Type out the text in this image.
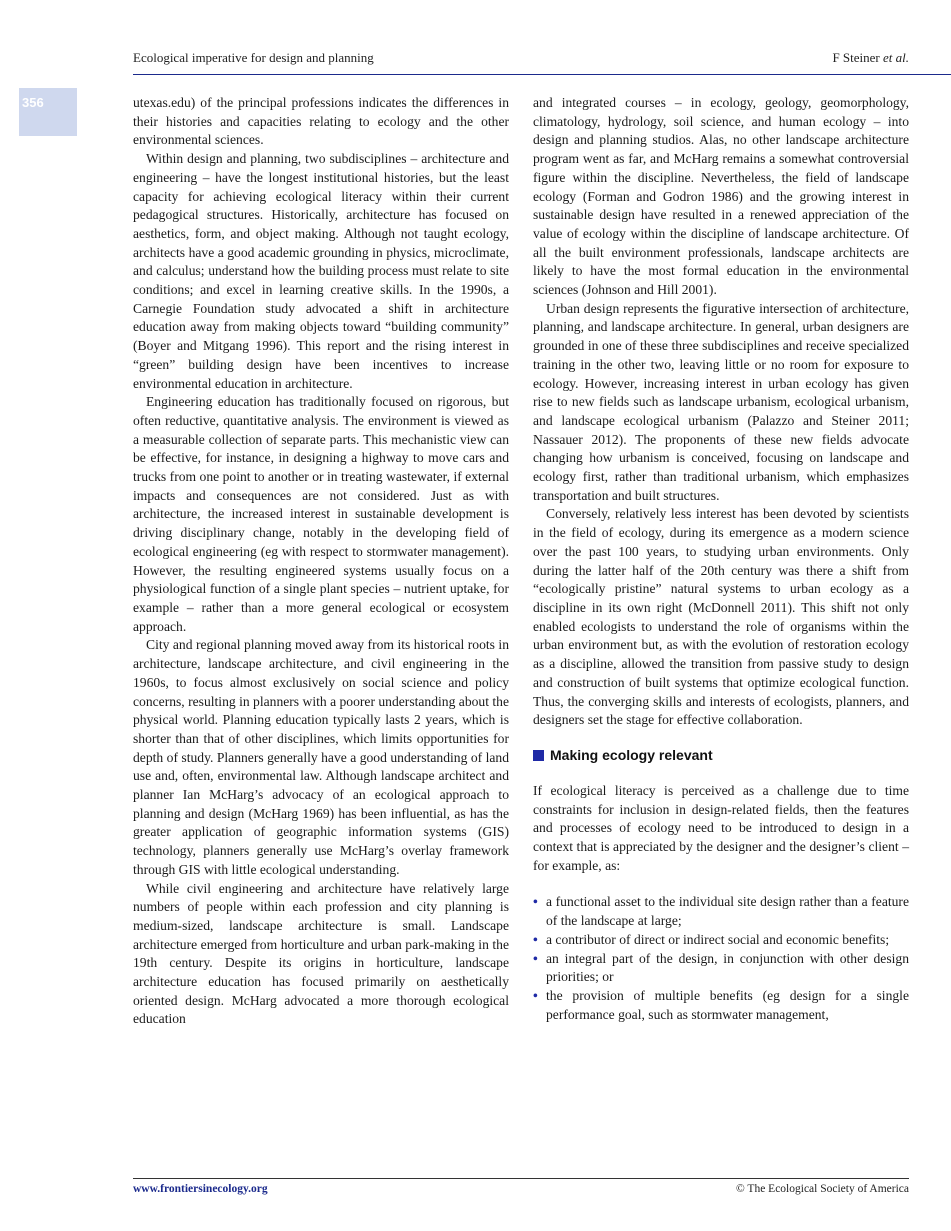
Ecological imperative for design and planning	F Steiner et al.
356	utexas.edu) of the principal professions indicates the differences in their histories and capacities relating to ecology and the other environmental sciences.

Within design and planning, two subdisciplines – architecture and engineering – have the longest institutional histories, but the least capacity for achieving ecological literacy within their current pedagogical structures. Historically, architecture has focused on aesthetics, form, and object making. Although not taught ecology, architects have a good academic grounding in physics, microclimate, and calculus; understand how the building process must relate to site conditions; and excel in learning creative skills. In the 1990s, a Carnegie Foundation study advocated a shift in architecture education away from making objects toward “building community” (Boyer and Mitgang 1996). This report and the rising interest in “green” building design have been incentives to increase environmental education in architecture.

Engineering education has traditionally focused on rigorous, but often reductive, quantitative analysis. The environment is viewed as a measurable collection of separate parts. This mechanistic view can be effective, for instance, in designing a highway to move cars and trucks from one point to another or in treating wastewater, if external impacts and consequences are not considered. Just as with architecture, the increased interest in sustainable development is driving disciplinary change, notably in the developing field of ecological engineering (eg with respect to stormwater management). However, the resulting engineered systems usually focus on a physiological function of a single plant species – nutrient uptake, for example – rather than a more general ecological or ecosystem approach.

City and regional planning moved away from its historical roots in architecture, landscape architecture, and civil engineering in the 1960s, to focus almost exclusively on social science and policy concerns, resulting in planners with a poorer understanding about the physical world. Planning education typically lasts 2 years, which is shorter than that of other disciplines, which limits opportunities for depth of study. Planners generally have a good understanding of land use and, often, environmental law. Although landscape architect and planner Ian McHarg’s advocacy of an ecological approach to planning and design (McHarg 1969) has been influential, as has the greater application of geographic information systems (GIS) technology, planners generally use McHarg’s overlay framework through GIS with little ecological understanding.

While civil engineering and architecture have relatively large numbers of people within each profession and city planning is medium-sized, landscape architecture is small. Landscape architecture emerged from horticulture and urban park-making in the 19th century. Despite its origins in horticulture, landscape architecture education has focused primarily on aesthetically oriented design. McHarg advocated a more thorough ecological education

and integrated courses – in ecology, geology, geomorphology, climatology, hydrology, soil science, and human ecology – into design and planning studios. Alas, no other landscape architecture program went as far, and McHarg remains a somewhat controversial figure within the discipline. Nevertheless, the field of landscape ecology (Forman and Godron 1986) and the growing interest in sustainable design have resulted in a renewed appreciation of the value of ecology within the discipline of landscape architecture. Of all the built environment professionals, landscape architects are likely to have the most formal education in the environmental sciences (Johnson and Hill 2001).

Urban design represents the figurative intersection of architecture, planning, and landscape architecture. In general, urban designers are grounded in one of these three subdisciplines and receive specialized training in the other two, leaving little or no room for exposure to ecology. However, increasing interest in urban ecology has given rise to new fields such as landscape urbanism, ecological urbanism, and landscape ecological urbanism (Palazzo and Steiner 2011; Nassauer 2012). The proponents of these new fields advocate changing how urbanism is conceived, focusing on landscape and ecology first, rather than traditional urbanism, which emphasizes transportation and built structures.

Conversely, relatively less interest has been devoted by scientists in the field of ecology, during its emergence as a modern science over the past 100 years, to studying urban environments. Only during the latter half of the 20th century was there a shift from “ecologically pristine” natural systems to urban ecology as a discipline in its own right (McDonnell 2011). This shift not only enabled ecologists to understand the role of organisms within the urban environment but, as with the evolution of restoration ecology as a discipline, allowed the transition from passive study to design and construction of built systems that optimize ecological function. Thus, the converging skills and interests of ecologists, planners, and designers set the stage for effective collaboration.

Making ecology relevant

If ecological literacy is perceived as a challenge due to time constraints for inclusion in design-related fields, then the features and processes of ecology need to be introduced to design in a context that is appreciated by the designer and the designer’s client – for example, as:

• a functional asset to the individual site design rather than a feature of the landscape at large;
• a contributor of direct or indirect social and economic benefits;
• an integral part of the design, in conjunction with other design priorities; or
• the provision of multiple benefits (eg design for a single performance goal, such as stormwater management,
www.frontiersinecology.org	© The Ecological Society of America
